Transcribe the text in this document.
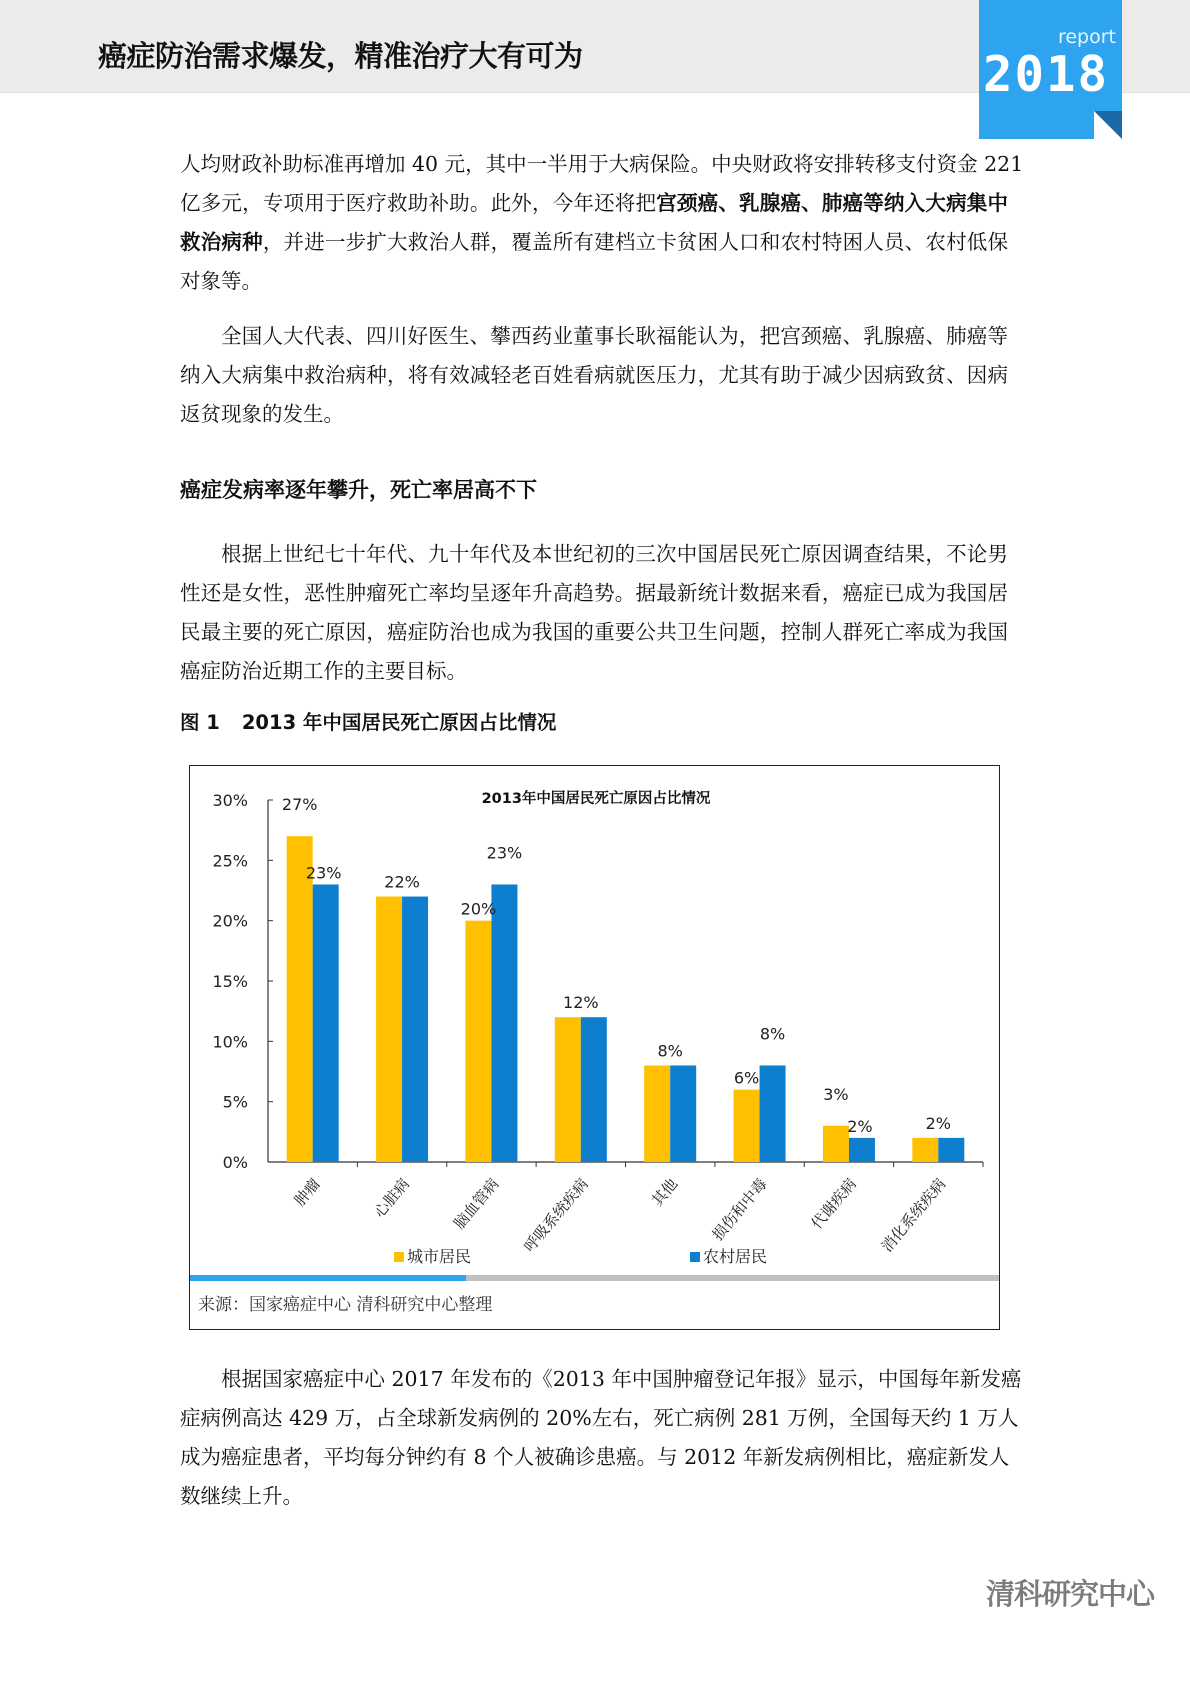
癌症防治需求爆发，精准治疗大有可为
report
2018
人均财政补助标准再增加 40 元，其中一半用于大病保险。中央财政将安排转移支付资金 221
亿多元，专项用于医疗救助补助。此外，今年还将把宫颈癌、乳腺癌、肺癌等纳入大病集中
救治病种，并进一步扩大救治人群，覆盖所有建档立卡贫困人口和农村特困人员、农村低保
对象等。
全国人大代表、四川好医生、攀西药业董事长耿福能认为，把宫颈癌、乳腺癌、肺癌等
纳入大病集中救治病种，将有效减轻老百姓看病就医压力，尤其有助于减少因病致贫、因病
返贫现象的发生。
癌症发病率逐年攀升，死亡率居高不下
根据上世纪七十年代、九十年代及本世纪初的三次中国居民死亡原因调查结果，不论男
性还是女性，恶性肿瘤死亡率均呈逐年升高趋势。据最新统计数据来看，癌症已成为我国居
民最主要的死亡原因，癌症防治也成为我国的重要公共卫生问题，控制人群死亡率成为我国
癌症防治近期工作的主要目标。
图 1 2013 年中国居民死亡原因占比情况
2013年中国居民死亡原因占比情况
0%
5%
10%
15%
20%
25%
30% 27%
23%
肿瘤
22%
心脏病
20%
23%
脑血管病
12%
呼吸系统疾病
8%
其他
6%
8%
损伤和中毒
3%
2%
代谢疾病
2%
消化系统疾病
城市居民	农村居民
来源：国家癌症中心 清科研究中心整理
根据国家癌症中心 2017 年发布的《2013 年中国肿瘤登记年报》显示，中国每年新发癌
症病例高达 429 万，占全球新发病例的 20%左右，死亡病例 281 万例，全国每天约 1 万人
成为癌症患者，平均每分钟约有 8 个人被确诊患癌。与 2012 年新发病例相比，癌症新发人
数继续上升。
清科研究中心
